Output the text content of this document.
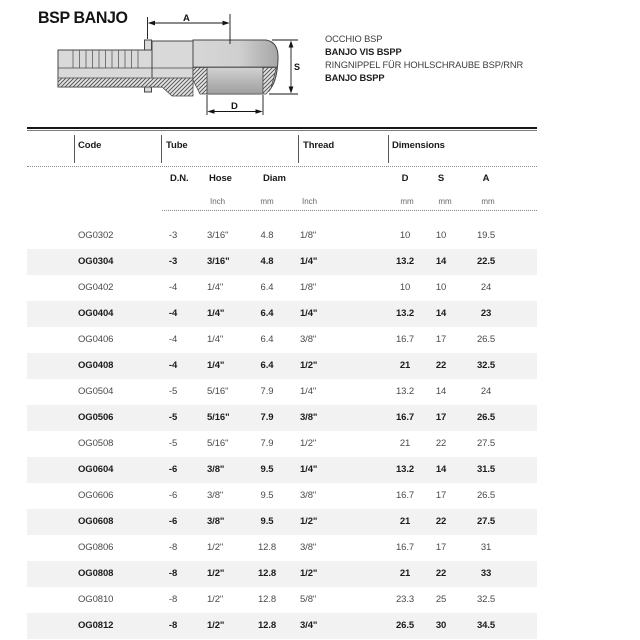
BSP BANJO	A
S
D
OCCHIO BSP
BANJO VIS BSPP
RINGNIPPEL FÜR HOHLSCHRAUBE BSP/RNR
BANJO BSPP
Code	Tube	Thread	Dimensions
D.N. Hose	Diam	D	S	A
Inch	mm	Inch	mm	mm	mm
OG0302	-3	3/16"	4.8	1/8"	10	10	19.5
OG0304	-3	3/16"	4.8	1/4"	13.2	14	22.5
OG0402	-4	1/4"	6.4	1/8"	10	10	24
OG0404	-4	1/4"	6.4	1/4"	13.2	14	23
OG0406	-4	1/4"	6.4	3/8"	16.7	17	26.5
OG0408	-4	1/4"	6.4	1/2"	21	22	32.5
OG0504	-5	5/16"	7.9	1/4"	13.2	14	24
OG0506	-5	5/16"	7.9	3/8"	16.7	17	26.5
OG0508	-5	5/16"	7.9	1/2"	21	22	27.5
OG0604	-6	3/8"	9.5	1/4"	13.2	14	31.5
OG0606	-6	3/8"	9.5	3/8"	16.7	17	26.5
OG0608	-6	3/8"	9.5	1/2"	21	22	27.5
OG0806	-8	1/2"	12.8	3/8"	16.7	17	31
OG0808	-8	1/2"	12.8	1/2"	21	22	33
OG0810	-8	1/2"	12.8	5/8"	23.3	25	32.5
OG0812	-8	1/2"	12.8	3/4"	26.5	30	34.5
